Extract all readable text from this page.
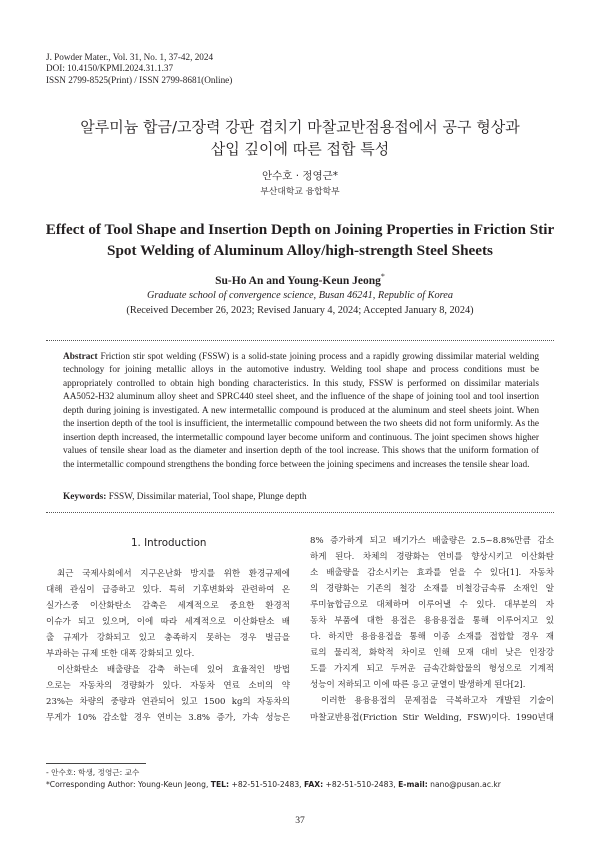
J. Powder Mater., Vol. 31, No. 1, 37-42, 2024
DOI: 10.4150/KPMI.2024.31.1.37
ISSN 2799-8525(Print) / ISSN 2799-8681(Online)
알루미늄 합금/고장력 강판 겹치기 마찰교반점용접에서 공구 형상과
삽입 깊이에 따른 접합 특성
안수호 · 정영근*
부산대학교 융합학부
Effect of Tool Shape and Insertion Depth on Joining Properties in Friction Stir
Spot Welding of Aluminum Alloy/high-strength Steel Sheets
Su-Ho An and Young-Keun Jeong*
Graduate school of convergence science, Busan 46241, Republic of Korea
(Received December 26, 2023; Revised January 4, 2024; Accepted January 8, 2024)
Abstract Friction stir spot welding (FSSW) is a solid-state joining process and a rapidly growing dissimilar material welding technology for joining metallic alloys in the automotive industry. Welding tool shape and process conditions must be appropriately controlled to obtain high bonding characteristics. In this study, FSSW is performed on dissimilar materials AA5052-H32 aluminum alloy sheet and SPRC440 steel sheet, and the influence of the shape of joining tool and tool insertion depth during joining is investigated. A new intermetallic compound is produced at the aluminum and steel sheets joint. When the insertion depth of the tool is insufficient, the intermetallic compound between the two sheets did not form uniformly. As the insertion depth increased, the intermetallic compound layer become uniform and continuous. The joint specimen shows higher values of tensile shear load as the diameter and insertion depth of the tool increase. This shows that the uniform formation of the intermetallic compound strengthens the bonding force between the joining specimens and increases the tensile shear load.
Keywords: FSSW, Dissimilar material, Tool shape, Plunge depth
1. Introduction
최근 국제사회에서 지구온난화 방지를 위한 환경규제에
대해 관심이 급증하고 있다. 특히 기후변화와 관련하여 온
실가스중 이산화탄소 감축은 세계적으로 중요한 환경적
이슈가 되고 있으며, 이에 따라 세계적으로 이산화탄소 배
출 규제가 강화되고 있고 충족하지 못하는 경우 벌금을
부과하는 규제 또한 대폭 강화되고 있다.
이산화탄소 배출량을 감축 하는데 있어 효율적인 방법
으로는 자동차의 경량화가 있다. 자동차 연료 소비의 약
23%는 차량의 중량과 연관되어 있고 1500 kg의 자동차의
무게가 10% 감소할 경우 연비는 3.8% 증가, 가속 성능은
8% 증가하게 되고 배기가스 배출량은 2.5~8.8%만큼 감소
하게 된다. 차체의 경량화는 연비를 향상시키고 이산화탄
소 배출량을 감소시키는 효과를 얻을 수 있다[1]. 자동차
의 경량화는 기존의 철강 소재를 비철강금속류 소재인 알
루미늄합금으로 대체하며 이루어낼 수 있다. 대부분의 자
동차 부품에 대한 용접은 용융용접을 통해 이루어지고 있
다. 하지만 용융용접을 통해 이종 소재를 접합할 경우 재
료의 물리적, 화학적 차이로 인해 모재 대비 낮은 인장강
도를 가지게 되고 두꺼운 금속간화합물의 형성으로 기계적
성능이 저하되고 이에 따른 응고 균열이 발생하게 된다[2].
이러한 용융용접의 문제점을 극복하고자 개발된 기술이
마찰교반용접(Friction Stir Welding, FSW)이다. 1990년대
- 안수호: 학생, 정영근: 교수
*Corresponding Author: Young-Keun Jeong, TEL: +82-51-510-2483, FAX: +82-51-510-2483, E-mail: nano@pusan.ac.kr
37
